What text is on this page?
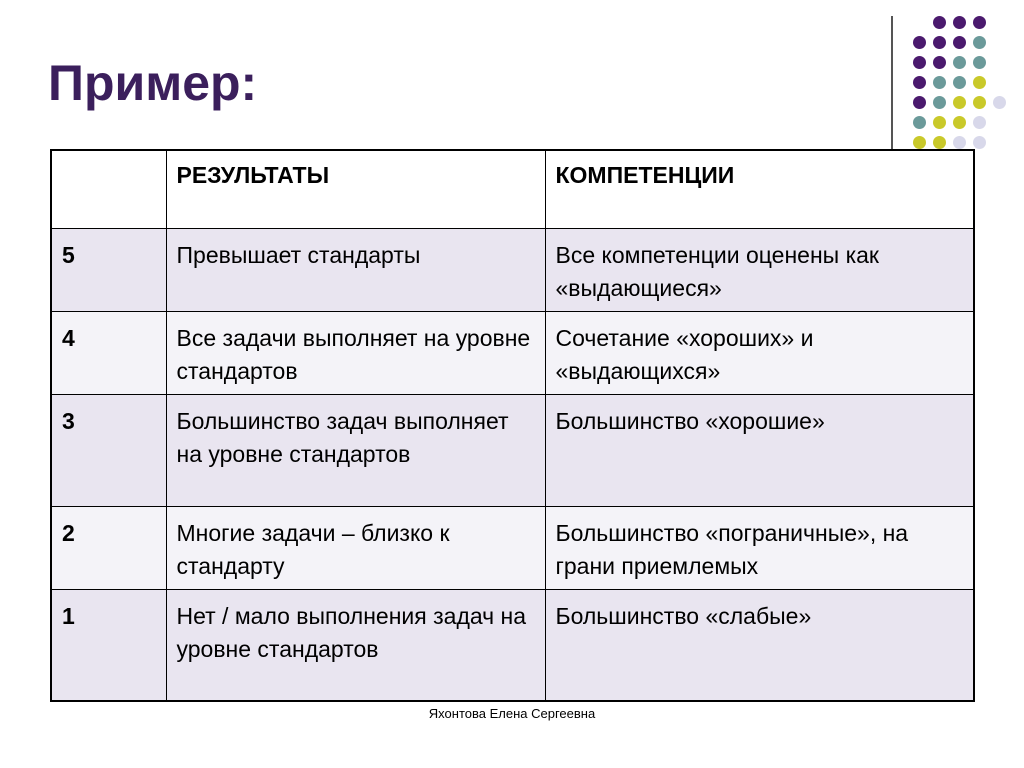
Пример:
	РЕЗУЛЬТАТЫ	КОМПЕТЕНЦИИ
5	Превышает стандарты	Все компетенции оценены как «выдающиеся»
4	Все задачи выполняет на уровне стандартов	Сочетание «хороших» и «выдающихся»
3	Большинство задач выполняет на уровне стандартов	Большинство «хорошие»
2	Многие задачи – близко к стандарту	Большинство «пограничные», на грани приемлемых
1	Нет / мало выполнения задач на уровне стандартов	Большинство «слабые»
Яхонтова Елена Сергеевна
